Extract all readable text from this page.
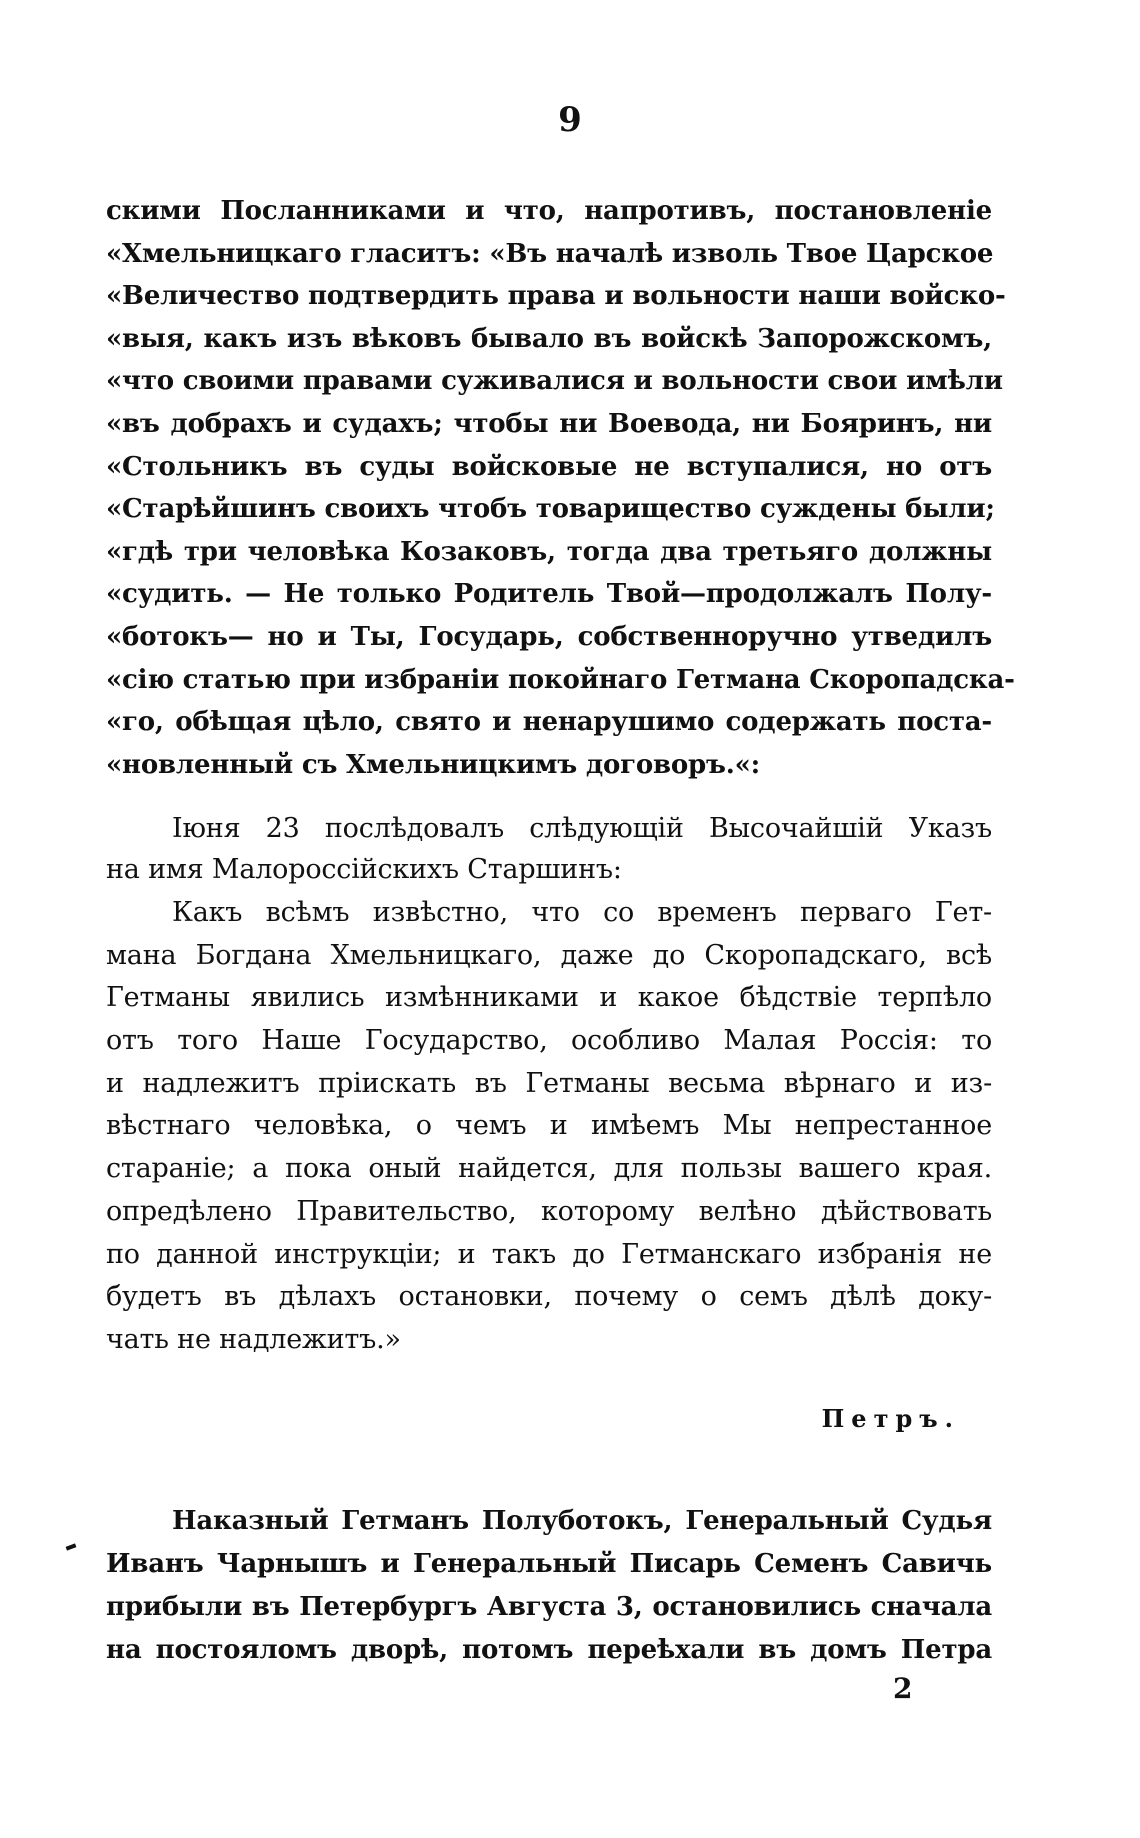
9

скими Посланниками и что, напротивъ, постановленіе
«Хмельницкаго гласитъ: «Въ началѣ изволь Твое Царское
«Величество подтвердить права и вольности наши войско-
«выя, какъ изъ вѣковъ бывало въ войскѣ Запорожскомъ,
«что своими правами суживалися и вольности свои имѣли
«въ добрахъ и судахъ; чтобы ни Воевода, ни Бояринъ, ни
«Стольникъ въ суды войсковые не вступалися, но отъ
«Старѣйшинъ своихъ чтобъ товарищество суждены были;
«гдѣ три человѣка Козаковъ, тогда два третьяго должны
«судить. — Не только Родитель Твой—продолжалъ Полу-
«ботокъ— но и Ты, Государь, собственноручно утведилъ
«сію статью при избраніи покойнаго Гетмана Скоропадска-
«го, обѣщая цѣло, свято и ненарушимо содержать поста-
«новленный съ Хмельницкимъ договоръ.«:
Іюня 23 послѣдовалъ слѣдующій Высочайшій Указъ
на имя Малороссійскихъ Старшинъ:
Какъ всѣмъ извѣстно, что со временъ перваго Гет-
мана Богдана Хмельницкаго, даже до Скоропадскаго, всѣ
Гетманы явились измѣнниками и какое бѣдствіе терпѣло
отъ того Наше Государство, особливо Малая Россія: то
и надлежитъ пріискать въ Гетманы весьма вѣрнаго и из-
вѣстнаго человѣка, о чемъ и имѣемъ Мы непрестанное
стараніе; а пока оный найдется, для пользы вашего края.
опредѣлено Правительство, которому велѣно дѣйствовать
по данной инструкціи; и такъ до Гетманскаго избранія не
будетъ въ дѣлахъ остановки, почему о семъ дѣлѣ доку-
чать не надлежитъ.»

Петръ.

Наказный Гетманъ Полуботокъ, Генеральный Судья
Иванъ Чарнышъ и Генеральный Писарь Семенъ Савичь
прибыли въ Петербургъ Августа 3, остановились сначала
на постояломъ дворѣ, потомъ переѣхали въ домъ Петра

2
